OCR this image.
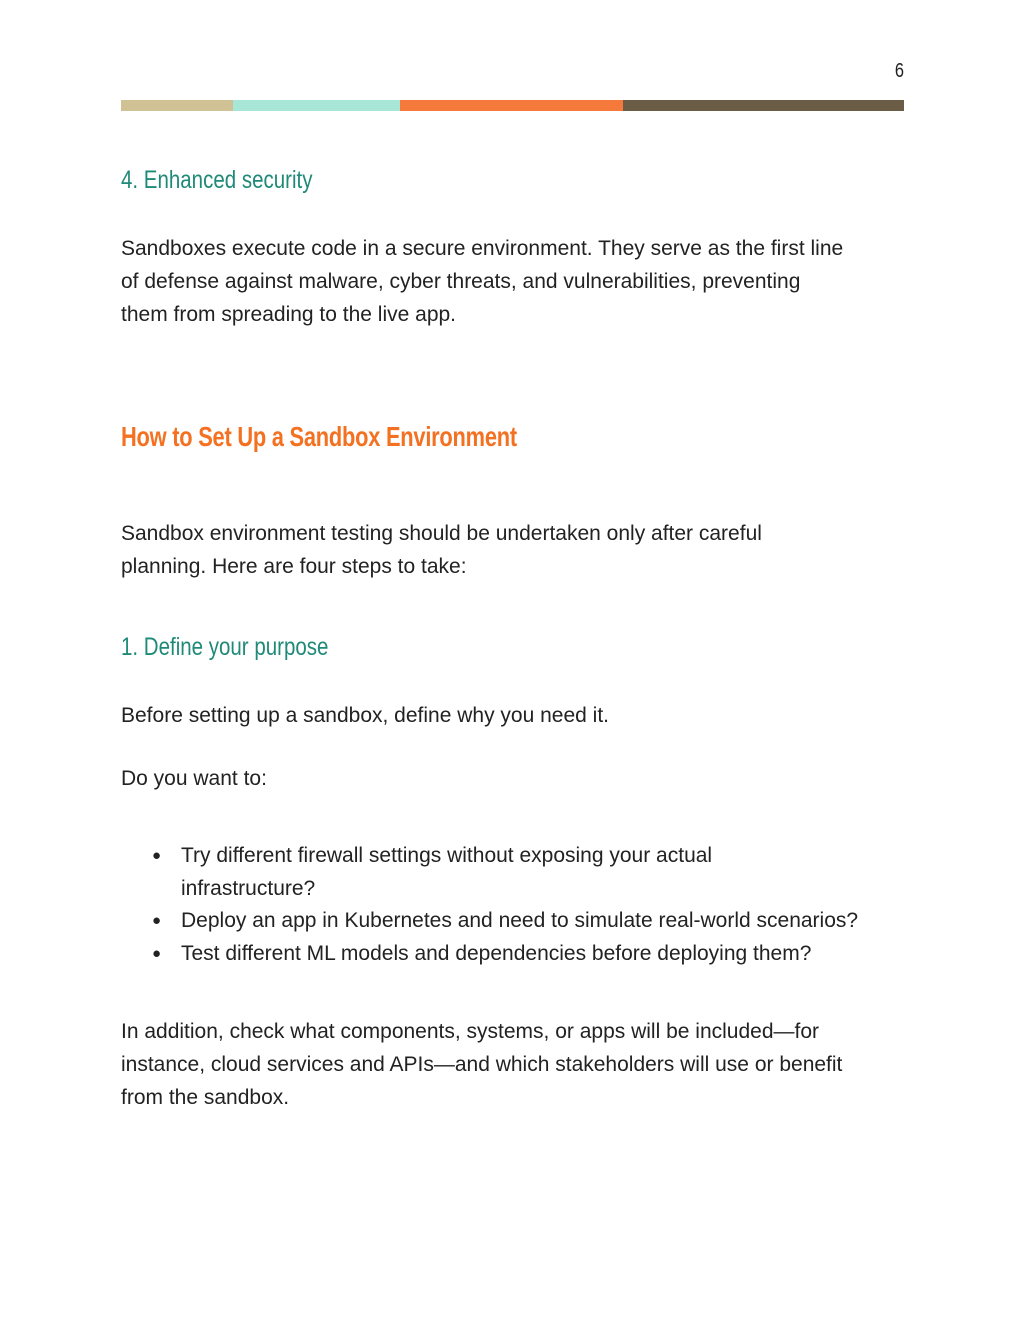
6
4. Enhanced security

Sandboxes execute code in a secure environment. They serve as the first line
of defense against malware, cyber threats, and vulnerabilities, preventing
them from spreading to the live app.

How to Set Up a Sandbox Environment

Sandbox environment testing should be undertaken only after careful
planning. Here are four steps to take:

1. Define your purpose

Before setting up a sandbox, define why you need it.

Do you want to:

● Try different firewall settings without exposing your actual
infrastructure?
● Deploy an app in Kubernetes and need to simulate real-world scenarios?
● Test different ML models and dependencies before deploying them?

In addition, check what components, systems, or apps will be included—for
instance, cloud services and APIs—and which stakeholders will use or benefit
from the sandbox.
